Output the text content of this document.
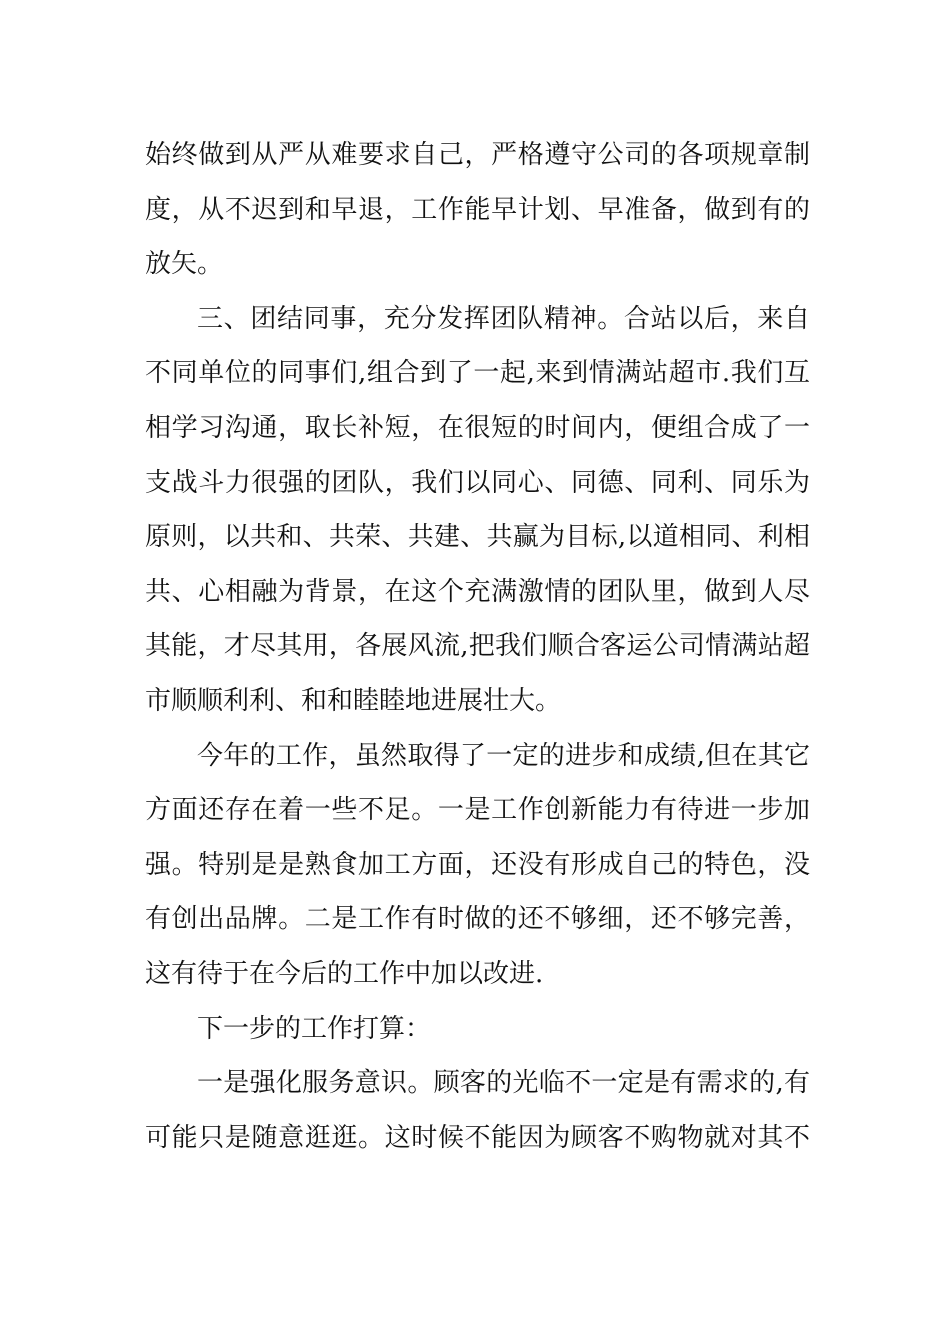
始终做到从严从难要求自己，严格遵守公司的各项规章制
度，从不迟到和早退，工作能早计划、早准备，做到有的
放矢。
三、团结同事，充分发挥团队精神。合站以后，来自
不同单位的同事们,组合到了一起,来到情满站超市.我们互
相学习沟通，取长补短，在很短的时间内，便组合成了一
支战斗力很强的团队，我们以同心、同德、同利、同乐为
原则，以共和、共荣、共建、共赢为目标,以道相同、利相
共、心相融为背景，在这个充满激情的团队里，做到人尽
其能，才尽其用，各展风流,把我们顺合客运公司情满站超
市顺顺利利、和和睦睦地进展壮大。
今年的工作，虽然取得了一定的进步和成绩,但在其它
方面还存在着一些不足。一是工作创新能力有待进一步加
强。特别是是熟食加工方面，还没有形成自己的特色，没
有创出品牌。二是工作有时做的还不够细，还不够完善，
这有待于在今后的工作中加以改进.
下一步的工作打算：
一是强化服务意识。顾客的光临不一定是有需求的,有
可能只是随意逛逛。这时候不能因为顾客不购物就对其不
